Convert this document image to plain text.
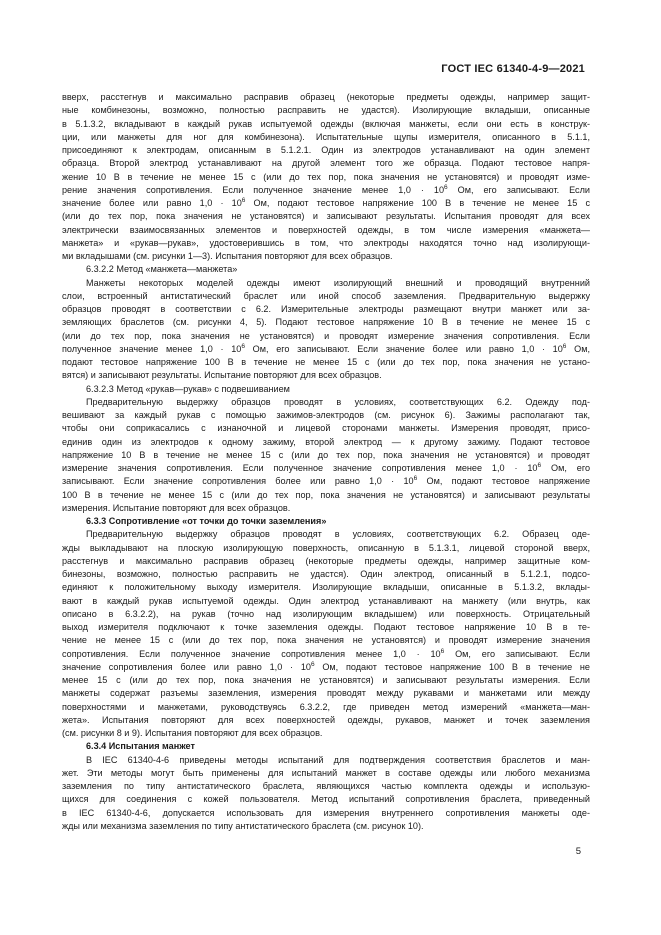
ГОСТ IEC 61340-4-9—2021
вверх, расстегнув и максимально расправив образец (некоторые предметы одежды, например защит-
ные комбинезоны, возможно, полностью расправить не удастся). Изолирующие вкладыши, описанные
в 5.1.3.2, вкладывают в каждый рукав испытуемой одежды (включая манжеты, если они есть в конструк-
ции, или манжеты для ног для комбинезона). Испытательные щупы измерителя, описанного в 5.1.1,
присоединяют к электродам, описанным в 5.1.2.1. Один из электродов устанавливают на один элемент
образца. Второй электрод устанавливают на другой элемент того же образца. Подают тестовое напря-
жение 10 В в течение не менее 15 с (или до тех пор, пока значения не установятся) и проводят изме-
рение значения сопротивления. Если полученное значение менее $1,0 \cdot 10^6$ Ом, его записывают. Если
значение более или равно $1,0 \cdot 10^6$ Ом, подают тестовое напряжение 100 В в течение не менее 15 с
(или до тех пор, пока значения не установятся) и записывают результаты. Испытания проводят для всех
электрически взаимосвязанных элементов и поверхностей одежды, в том числе измерения «манжета—
манжета» и «рукав—рукав», удостоверившись в том, что электроды находятся точно над изолирующи-
ми вкладышами (см. рисунки 1—3). Испытания повторяют для всех образцов.
6.3.2.2 Метод «манжета—манжета»
Манжеты некоторых моделей одежды имеют изолирующий внешний и проводящий внутренний
слои, встроенный антистатический браслет или иной способ заземления. Предварительную выдержку
образцов проводят в соответствии с 6.2. Измерительные электроды размещают внутри манжет или за-
земляющих браслетов (см. рисунки 4, 5). Подают тестовое напряжение 10 В в течение не менее 15 с
(или до тех пор, пока значения не установятся) и проводят измерение значения сопротивления. Если
полученное значение менее $1,0 \cdot 10^6$ Ом, его записывают. Если значение более или равно $1,0 \cdot 10^6$ Ом,
подают тестовое напряжение 100 В в течение не менее 15 с (или до тех пор, пока значения не устано-
вятся) и записывают результаты. Испытание повторяют для всех образцов.
6.3.2.3 Метод «рукав—рукав» с подвешиванием
Предварительную выдержку образцов проводят в условиях, соответствующих 6.2. Одежду под-
вешивают за каждый рукав с помощью зажимов-электродов (см. рисунок 6). Зажимы располагают так,
чтобы они соприкасались с изнаночной и лицевой сторонами манжеты. Измерения проводят, присо-
единив один из электродов к одному зажиму, второй электрод — к другому зажиму. Подают тестовое
напряжение 10 В в течение не менее 15 с (или до тех пор, пока значения не установятся) и проводят
измерение значения сопротивления. Если полученное значение сопротивления менее $1,0 \cdot 10^6$ Ом, его
записывают. Если значение сопротивления более или равно $1,0 \cdot 10^6$ Ом, подают тестовое напряжение
100 В в течение не менее 15 с (или до тех пор, пока значения не установятся) и записывают результаты
измерения. Испытание повторяют для всех образцов.
6.3.3 Сопротивление «от точки до точки заземления»
Предварительную выдержку образцов проводят в условиях, соответствующих 6.2. Образец оде-
жды выкладывают на плоскую изолирующую поверхность, описанную в 5.1.3.1, лицевой стороной вверх,
расстегнув и максимально расправив образец (некоторые предметы одежды, например защитные ком-
бинезоны, возможно, полностью расправить не удастся). Один электрод, описанный в 5.1.2.1, подсо-
единяют к положительному выходу измерителя. Изолирующие вкладыши, описанные в 5.1.3.2, вклады-
вают в каждый рукав испытуемой одежды. Один электрод устанавливают на манжету (или внутрь, как
описано в 6.3.2.2), на рукав (точно над изолирующим вкладышем) или поверхность. Отрицательный
выход измерителя подключают к точке заземления одежды. Подают тестовое напряжение 10 В в те-
чение не менее 15 с (или до тех пор, пока значения не установятся) и проводят измерение значения
сопротивления. Если полученное значение сопротивления менее $1,0 \cdot 10^6$ Ом, его записывают. Если
значение сопротивления более или равно $1,0 \cdot 10^6$ Ом, подают тестовое напряжение 100 В в течение не
менее 15 с (или до тех пор, пока значения не установятся) и записывают результаты измерения. Если
манжеты содержат разъемы заземления, измерения проводят между рукавами и манжетами или между
поверхностями и манжетами, руководствуясь 6.3.2.2, где приведен метод измерений «манжета—ман-
жета». Испытания повторяют для всех поверхностей одежды, рукавов, манжет и точек заземления
(см. рисунки 8 и 9). Испытания повторяют для всех образцов.
6.3.4 Испытания манжет
В IEC 61340-4-6 приведены методы испытаний для подтверждения соответствия браслетов и ман-
жет. Эти методы могут быть применены для испытаний манжет в составе одежды или любого механизма
заземления по типу антистатического браслета, являющихся частью комплекта одежды и использую-
щихся для соединения с кожей пользователя. Метод испытаний сопротивления браслета, приведенный
в IEC 61340-4-6, допускается использовать для измерения внутреннего сопротивления манжеты оде-
жды или механизма заземления по типу антистатического браслета (см. рисунок 10).
5
